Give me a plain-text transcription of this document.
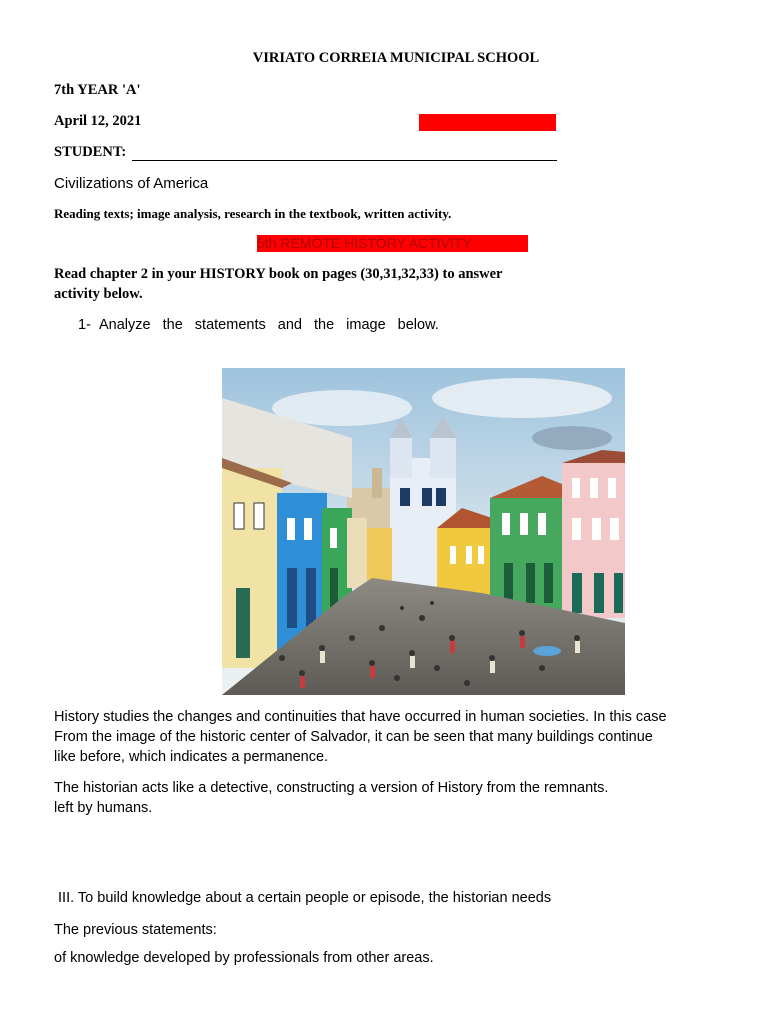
VIRIATO CORREIA MUNICIPAL SCHOOL
7th YEAR 'A'
April 12, 2021
STUDENT:
Civilizations of America
Reading texts; image analysis, research in the textbook, written activity.
5th REMOTE HISTORY ACTIVITY
Read chapter 2 in your HISTORY book on pages (30,31,32,33) to answer
activity below.
1- Analyze the statements and the image below.
History studies the changes and continuities that have occurred in human societies. In this case
From the image of the historic center of Salvador, it can be seen that many buildings continue
like before, which indicates a permanence.
The historian acts like a detective, constructing a version of History from the remnants.
left by humans.

III. To build knowledge about a certain people or episode, the historian needs

of knowledge developed by professionals from other areas.

The previous statements:
